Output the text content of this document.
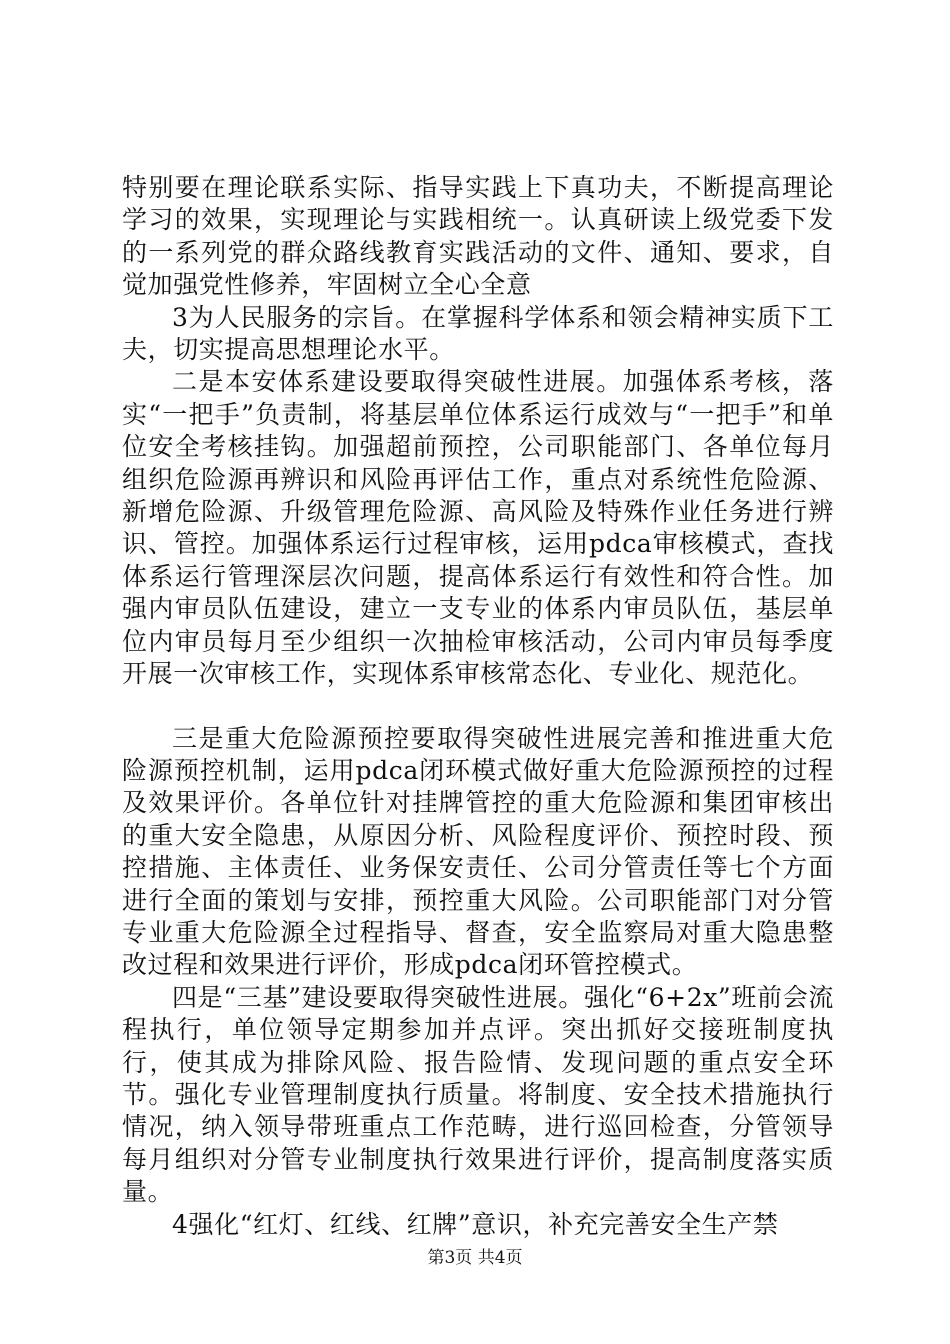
特别要在理论联系实际、指导实践上下真功夫，不断提高理论学习的效果，实现理论与实践相统一。认真研读上级党委下发的一系列党的群众路线教育实践活动的文件、通知、要求，自觉加强党性修养，牢固树立全心全意

3为人民服务的宗旨。在掌握科学体系和领会精神实质下工夫，切实提高思想理论水平。

二是本安体系建设要取得突破性进展。加强体系考核，落实“一把手”负责制，将基层单位体系运行成效与“一把手”和单位安全考核挂钩。加强超前预控，公司职能部门、各单位每月组织危险源再辨识和风险再评估工作，重点对系统性危险源、新增危险源、升级管理危险源、高风险及特殊作业任务进行辨识、管控。加强体系运行过程审核，运用pdca审核模式，查找体系运行管理深层次问题，提高体系运行有效性和符合性。加强内审员队伍建设，建立一支专业的体系内审员队伍，基层单位内审员每月至少组织一次抽检审核活动，公司内审员每季度开展一次审核工作，实现体系审核常态化、专业化、规范化。

三是重大危险源预控要取得突破性进展完善和推进重大危险源预控机制，运用pdca闭环模式做好重大危险源预控的过程及效果评价。各单位针对挂牌管控的重大危险源和集团审核出的重大安全隐患，从原因分析、风险程度评价、预控时段、预控措施、主体责任、业务保安责任、公司分管责任等七个方面进行全面的策划与安排，预控重大风险。公司职能部门对分管专业重大危险源全过程指导、督查，安全监察局对重大隐患整改过程和效果进行评价，形成pdca闭环管控模式。

四是“三基”建设要取得突破性进展。强化“6+2x”班前会流程执行，单位领导定期参加并点评。突出抓好交接班制度执行，使其成为排除风险、报告险情、发现问题的重点安全环节。强化专业管理制度执行质量。将制度、安全技术措施执行情况，纳入领导带班重点工作范畴，进行巡回检查，分管领导每月组织对分管专业制度执行效果进行评价，提高制度落实质量。

4强化“红灯、红线、红牌”意识，补充完善安全生产禁

第3页 共4页
